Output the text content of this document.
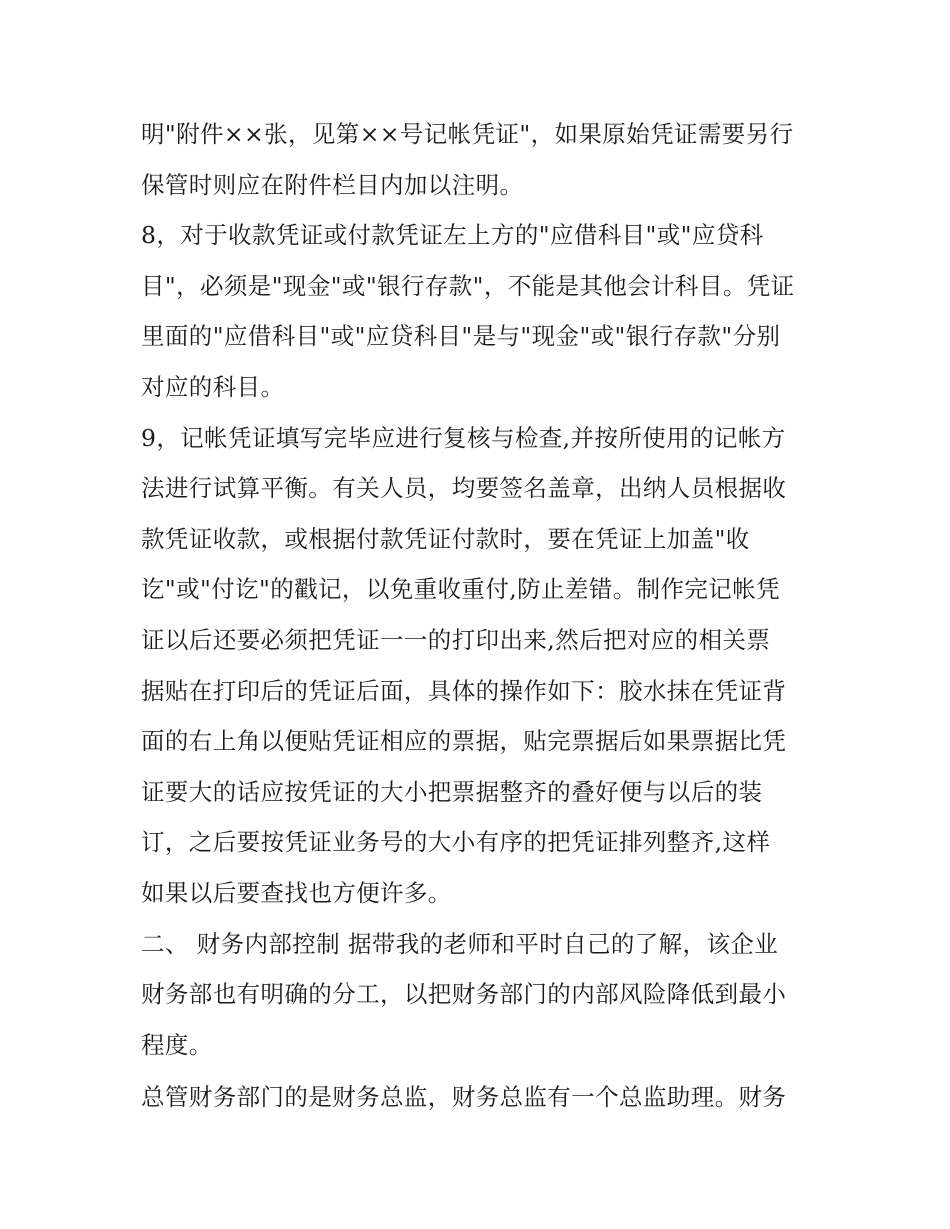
明"附件××张，见第××号记帐凭证"，如果原始凭证需要另行
保管时则应在附件栏目内加以注明。
8，对于收款凭证或付款凭证左上方的"应借科目"或"应贷科
目"，必须是"现金"或"银行存款"，不能是其他会计科目。凭证
里面的"应借科目"或"应贷科目"是与"现金"或"银行存款"分别
对应的科目。
9，记帐凭证填写完毕应进行复核与检查,并按所使用的记帐方
法进行试算平衡。有关人员，均要签名盖章，出纳人员根据收
款凭证收款，或根据付款凭证付款时，要在凭证上加盖"收
讫"或"付讫"的戳记，以免重收重付,防止差错。制作完记帐凭
证以后还要必须把凭证一一的打印出来,然后把对应的相关票
据贴在打印后的凭证后面，具体的操作如下：胶水抹在凭证背
面的右上角以便贴凭证相应的票据，贴完票据后如果票据比凭
证要大的话应按凭证的大小把票据整齐的叠好便与以后的装
订，之后要按凭证业务号的大小有序的把凭证排列整齐,这样
如果以后要查找也方便许多。
二、 财务内部控制 据带我的老师和平时自己的了解，该企业
财务部也有明确的分工，以把财务部门的内部风险降低到最小
程度。
总管财务部门的是财务总监，财务总监有一个总监助理。财务
